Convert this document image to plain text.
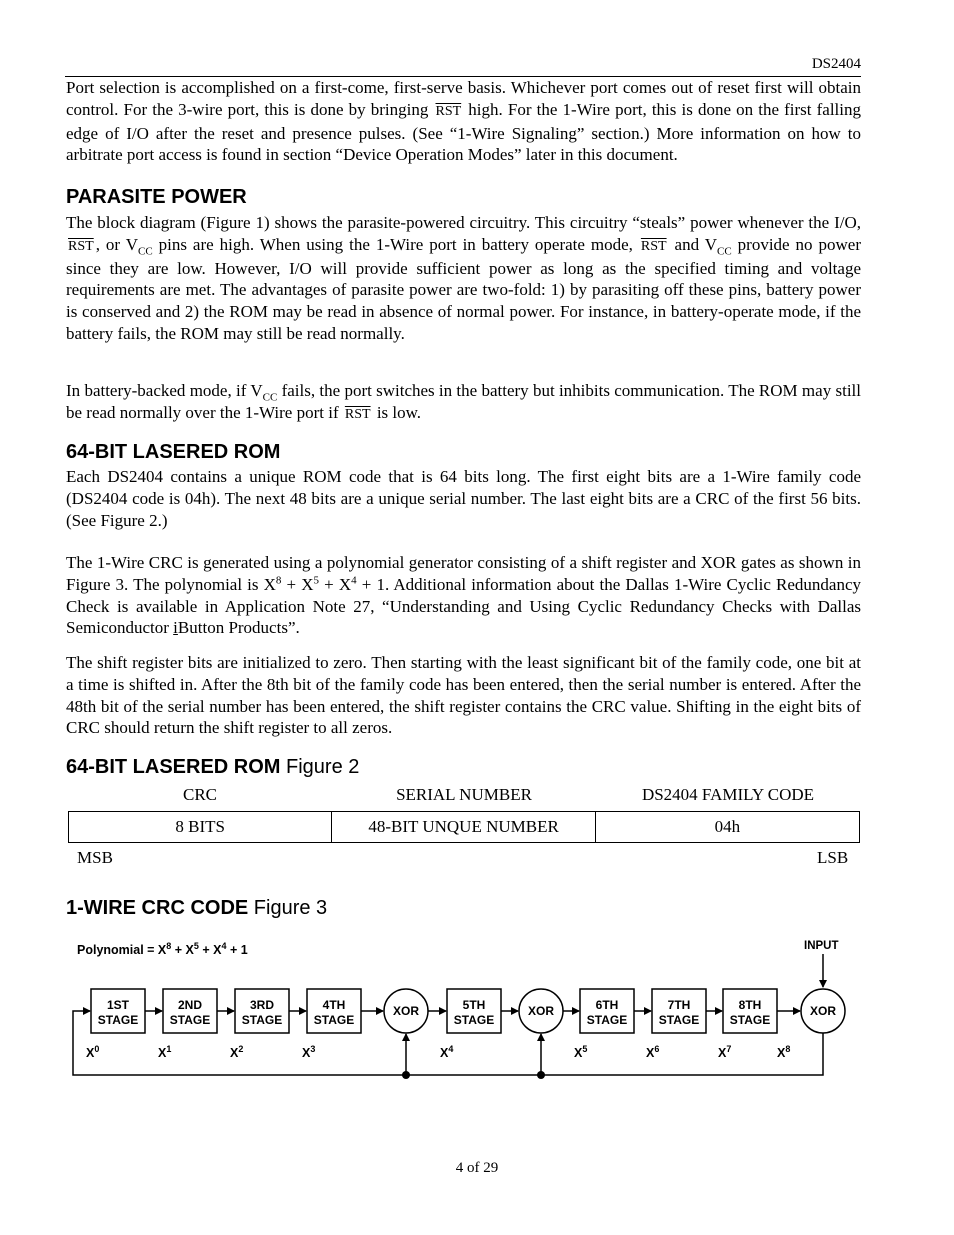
DS2404

Port selection is accomplished on a first-come, first-serve basis. Whichever port comes out of reset first will obtain control. For the 3-wire port, this is done by bringing $\overline{RST}$ high. For the 1-Wire port, this is done on the first falling edge of I/O after the reset and presence pulses. (See “1-Wire Signaling” section.) More information on how to arbitrate port access is found in section “Device Operation Modes” later in this document.

PARASITE POWER

The block diagram (Figure 1) shows the parasite-powered circuitry. This circuitry “steals” power whenever the I/O, $\overline{RST}$ , or $V_{CC}$ pins are high. When using the 1-Wire port in battery operate mode, $\overline{RST}$ and $V_{CC}$ provide no power since they are low. However, I/O will provide sufficient power as long as the specified timing and voltage requirements are met. The advantages of parasite power are two-fold: 1) by parasiting off these pins, battery power is conserved and 2) the ROM may be read in absence of normal power. For instance, in battery-operate mode, if the battery fails, the ROM may still be read normally.

In battery-backed mode, if $V_{CC}$ fails, the port switches in the battery but inhibits communication. The ROM may still be read normally over the 1-Wire port if $\overline{RST}$ is low.

64-BIT LASERED ROM

Each DS2404 contains a unique ROM code that is 64 bits long. The first eight bits are a 1-Wire family code (DS2404 code is 04h). The next 48 bits are a unique serial number. The last eight bits are a CRC of the first 56 bits. (See Figure 2.)

The 1-Wire CRC is generated using a polynomial generator consisting of a shift register and XOR gates as shown in Figure 3. The polynomial is $X^8 + X^5 + X^4 + 1$. Additional information about the Dallas 1-Wire Cyclic Redundancy Check is available in Application Note 27, “Understanding and Using Cyclic Redundancy Checks with Dallas Semiconductor iButton Products”.

The shift register bits are initialized to zero. Then starting with the least significant bit of the family code, one bit at a time is shifted in. After the 8th bit of the family code has been entered, then the serial number is entered. After the 48th bit of the serial number has been entered, the shift register contains the CRC value. Shifting in the eight bits of CRC should return the shift register to all zeros.

64-BIT LASERED ROM Figure 2
CRC	SERIAL NUMBER	DS2404 FAMILY CODE
8 BITS	48-BIT UNQUE NUMBER	04h
MSB	LSB
1-WIRE CRC CODE Figure 3
Polynomial = $X^8 + X^5 + X^4 + 1$	INPUT
1ST
STAGE
2ND
STAGE
3RD
STAGE
4TH
STAGE
5TH
STAGE
6TH
STAGE
7TH
STAGE
8TH
STAGE
XOR	XOR	XOR
$X^0$	$X^1$	$X^2$	$X^3$	$X^4$	$X^5$	$X^6$	$X^7$	$X^8$
4 of 29
